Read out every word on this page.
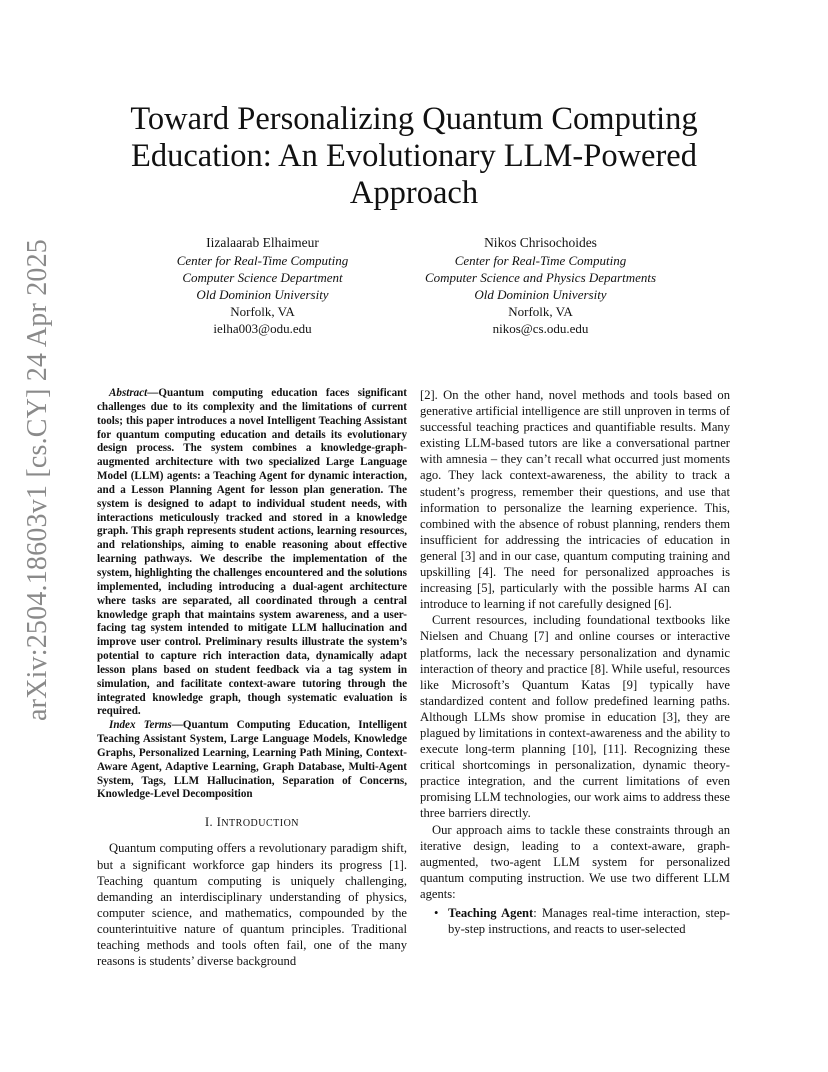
arXiv:2504.18603v1 [cs.CY] 24 Apr 2025
Toward Personalizing Quantum Computing Education: An Evolutionary LLM-Powered Approach
Iizalaarab Elhaimeur
Center for Real-Time Computing
Computer Science Department
Old Dominion University
Norfolk, VA
ielha003@odu.edu
Nikos Chrisochoides
Center for Real-Time Computing
Computer Science and Physics Departments
Old Dominion University
Norfolk, VA
nikos@cs.odu.edu

Abstract—Quantum computing education faces significant challenges due to its complexity and the limitations of current tools; this paper introduces a novel Intelligent Teaching Assistant for quantum computing education and details its evolutionary design process. The system combines a knowledge-graph-augmented architecture with two specialized Large Language Model (LLM) agents: a Teaching Agent for dynamic interaction, and a Lesson Planning Agent for lesson plan generation. The system is designed to adapt to individual student needs, with interactions meticulously tracked and stored in a knowledge graph. This graph represents student actions, learning resources, and relationships, aiming to enable reasoning about effective learning pathways. We describe the implementation of the system, highlighting the challenges encountered and the solutions implemented, including introducing a dual-agent architecture where tasks are separated, all coordinated through a central knowledge graph that maintains system awareness, and a user-facing tag system intended to mitigate LLM hallucination and improve user control. Preliminary results illustrate the system’s potential to capture rich interaction data, dynamically adapt lesson plans based on student feedback via a tag system in simulation, and facilitate context-aware tutoring through the integrated knowledge graph, though systematic evaluation is required.

Index Terms—Quantum Computing Education, Intelligent Teaching Assistant System, Large Language Models, Knowledge Graphs, Personalized Learning, Learning Path Mining, Context-Aware Agent, Adaptive Learning, Graph Database, Multi-Agent System, Tags, LLM Hallucination, Separation of Concerns, Knowledge-Level Decomposition

I. INTRODUCTION

Quantum computing offers a revolutionary paradigm shift, but a significant workforce gap hinders its progress [1]. Teaching quantum computing is uniquely challenging, demanding an interdisciplinary understanding of physics, computer science, and mathematics, compounded by the counterintuitive nature of quantum principles. Traditional teaching methods and tools often fail, one of the many reasons is students’ diverse background

[2]. On the other hand, novel methods and tools based on generative artificial intelligence are still unproven in terms of successful teaching practices and quantifiable results. Many existing LLM-based tutors are like a conversational partner with amnesia – they can’t recall what occurred just moments ago. They lack context-awareness, the ability to track a student’s progress, remember their questions, and use that information to personalize the learning experience. This, combined with the absence of robust planning, renders them insufficient for addressing the intricacies of education in general [3] and in our case, quantum computing training and upskilling [4]. The need for personalized approaches is increasing [5], particularly with the possible harms AI can introduce to learning if not carefully designed [6].

Current resources, including foundational textbooks like Nielsen and Chuang [7] and online courses or interactive platforms, lack the necessary personalization and dynamic interaction of theory and practice [8]. While useful, resources like Microsoft’s Quantum Katas [9] typically have standardized content and follow predefined learning paths. Although LLMs show promise in education [3], they are plagued by limitations in context-awareness and the ability to execute long-term planning [10], [11]. Recognizing these critical shortcomings in personalization, dynamic theory-practice integration, and the current limitations of even promising LLM technologies, our work aims to address these three barriers directly.

Our approach aims to tackle these constraints through an iterative design, leading to a context-aware, graph-augmented, two-agent LLM system for personalized quantum computing instruction. We use two different LLM agents:

• Teaching Agent: Manages real-time interaction, step-by-step instructions, and reacts to user-selected
